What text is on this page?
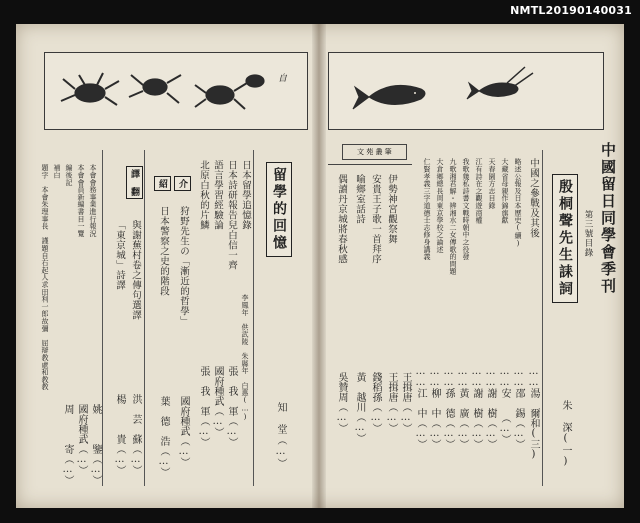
NMTL20190140031
自
留學的回憶
知　堂（…）
日本留學追憶錄
李鳳年　供武陵　朱縣年　白惠(…)
日本詩研報告兒白信一齊
張　我　軍（…）
語言學習經驗論
國府種武（…）
北原白秋的片鱗
張　我　軍（…）
介
狩野先生の「漸近的哲學」
國府種武（…）
紹
日本警察之史的階段
葉　德　浩（…）
譯　翻
與謝蕪村卷之傳句選譯
洪　芸　蘇（…）
「東京城」詩譯
楊　　　貴（…）
本會會務事業進行報況
姚　　　鑒（…）
本會會員新編書目一覽
國府種武（…）
編後記
補白
周　　　寄（…）
題字　本會朱理事長　謹題自右起人求田利一郎故彌　屈辯教處和教教	中國留日同學會季刊
第三號目錄
殷桐聲先生誄詞
朱　深(一)
中國之參戰及其後
……湯　爾和(三)
略述公報及日本歷史(續)
……邵　錫（…）
大藏省母親作錦旗獻
……安　　（…）
天春園方志目錄
……謝　樹（…）
江有詩在之觀遊商權
……謝　樹（…）
我歌幾私詩書文戰時朝中之役發
……黃　廣（…）
九歌湘君解･辨湘水二女傳歌的問題
……孫　德（…）
大倉鄉總長周東京學校之論述
……柳　中（…）
仁賢孝義三字道德士志修身講義
……江　中（…）
文 苑 叢 筆
王揖唐（…）
伊勢神宮觀祭舞
王揖唐（…）
安貴王子歌一首拜序
錢稻孫（…）
喻鄉室話詩
黃　越川（…）
偶讀丹京城將春秋感
吳贊周（…）
